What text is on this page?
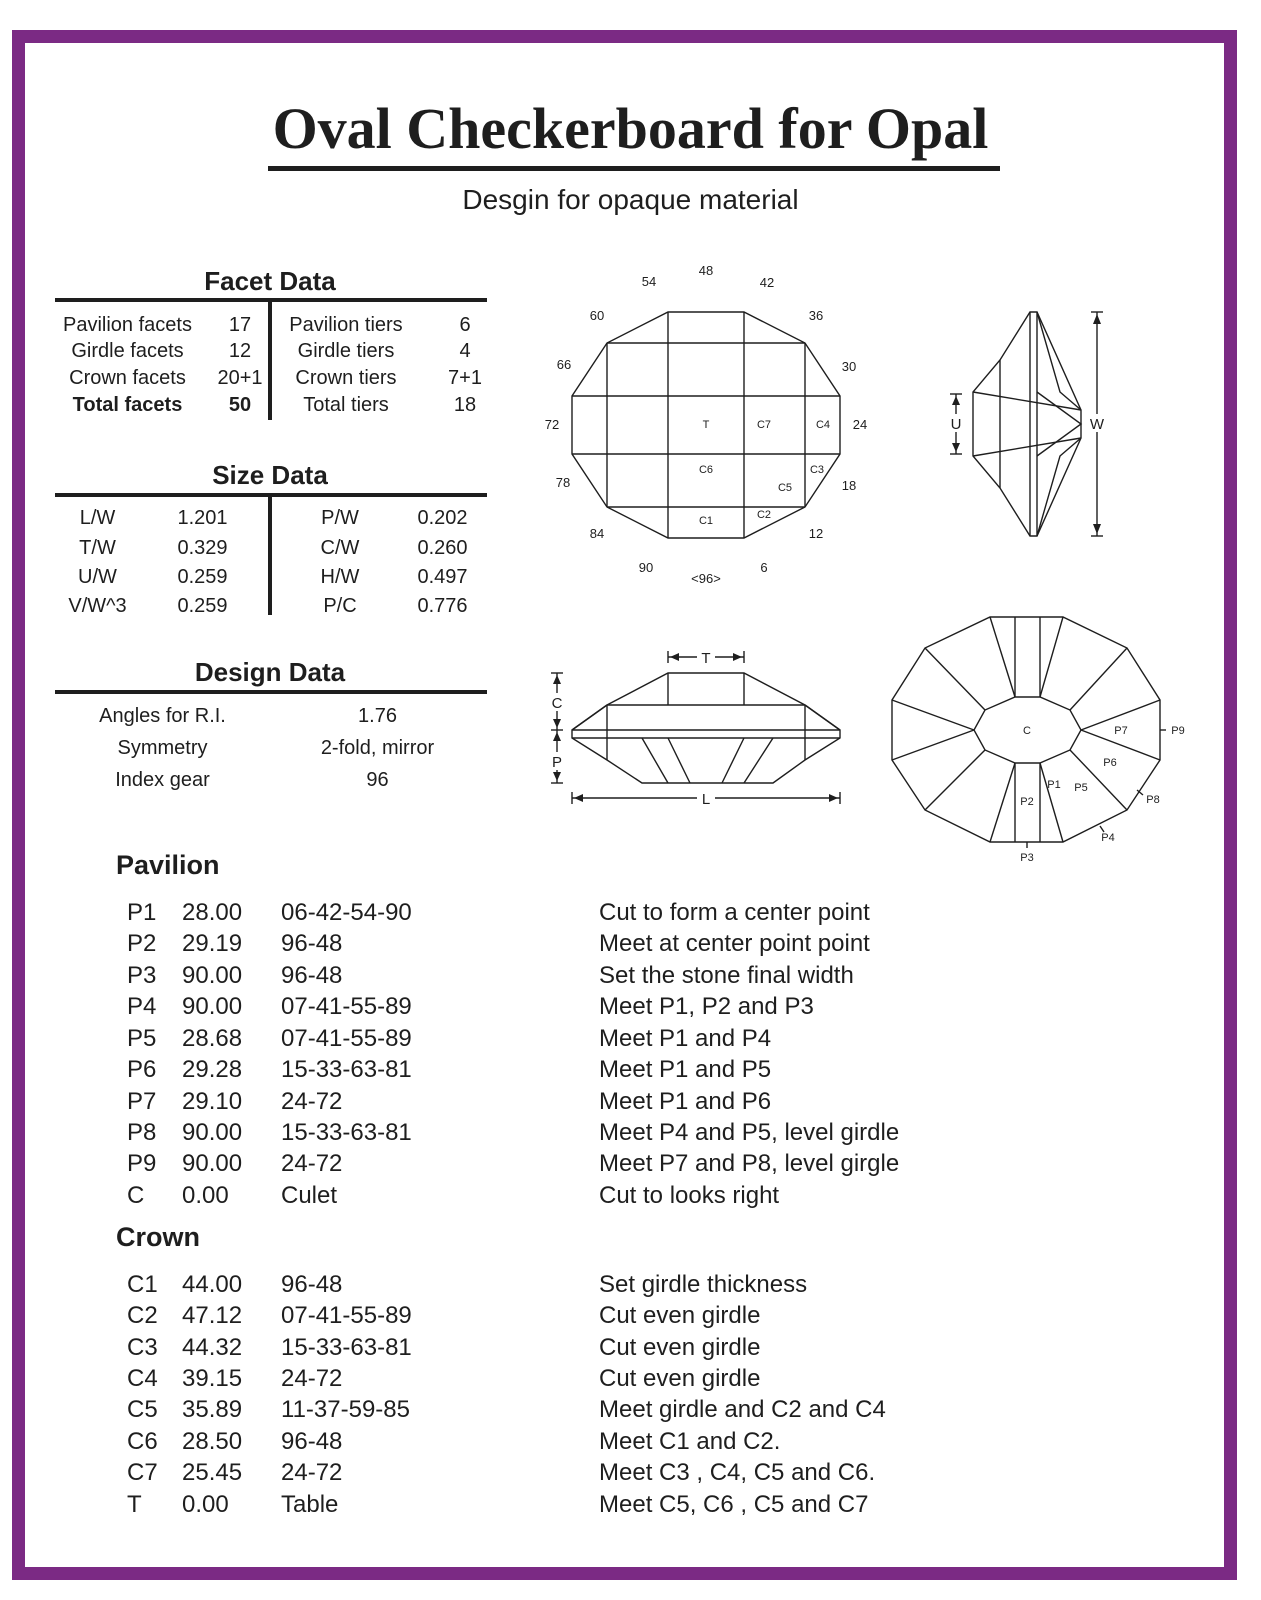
Oval Checkerboard for Opal
Desgin for opaque material
Facet Data
Pavilion facets	17
Girdle facets	12
Crown facets	20+1
Total facets	50
Pavilion tiers	6
Girdle tiers	4
Crown tiers	7+1
Total tiers	18
Size Data
L/W	1.201
T/W	0.329
U/W	0.259
V/W^3	0.259
P/W	0.202
C/W	0.260
H/W	0.497
P/C	0.776
Design Data
Angles for R.I.	1.76
Symmetry	2-fold, mirror
Index gear	96
48
42
36
30
24
18
12
6
<96>
90
84
78
72
66
60
54
T	C7	C4
C6	C3
C5
C1	C2
U	W
T
C
P
L
C	P7	P9
P6
P1 P5
P8
P2
P4
P3
Pavilion
P1 28.00 06-42-54-90	Cut to form a center point
P2 29.19 96-48	Meet at center point point
P3 90.00 96-48	Set the stone final width
P4 90.00 07-41-55-89	Meet P1, P2 and P3
P5 28.68 07-41-55-89	Meet P1 and P4
P6 29.28 15-33-63-81	Meet P1 and P5
P7 29.10 24-72	Meet P1 and P6
P8 90.00 15-33-63-81	Meet P4 and P5, level girdle
P9 90.00 24-72	Meet P7 and P8, level girgle
C 0.00 Culet	Cut to looks right
Crown
C1 44.00 96-48	Set girdle thickness
C2 47.12 07-41-55-89	Cut even girdle
C3 44.32 15-33-63-81	Cut even girdle
C4 39.15 24-72	Cut even girdle
C5 35.89 11-37-59-85	Meet girdle and C2 and C4
C6 28.50 96-48	Meet C1 and C2.
C7 25.45 24-72	Meet C3 , C4, C5 and C6.
T 0.00 Table	Meet C5, C6 , C5 and C7
